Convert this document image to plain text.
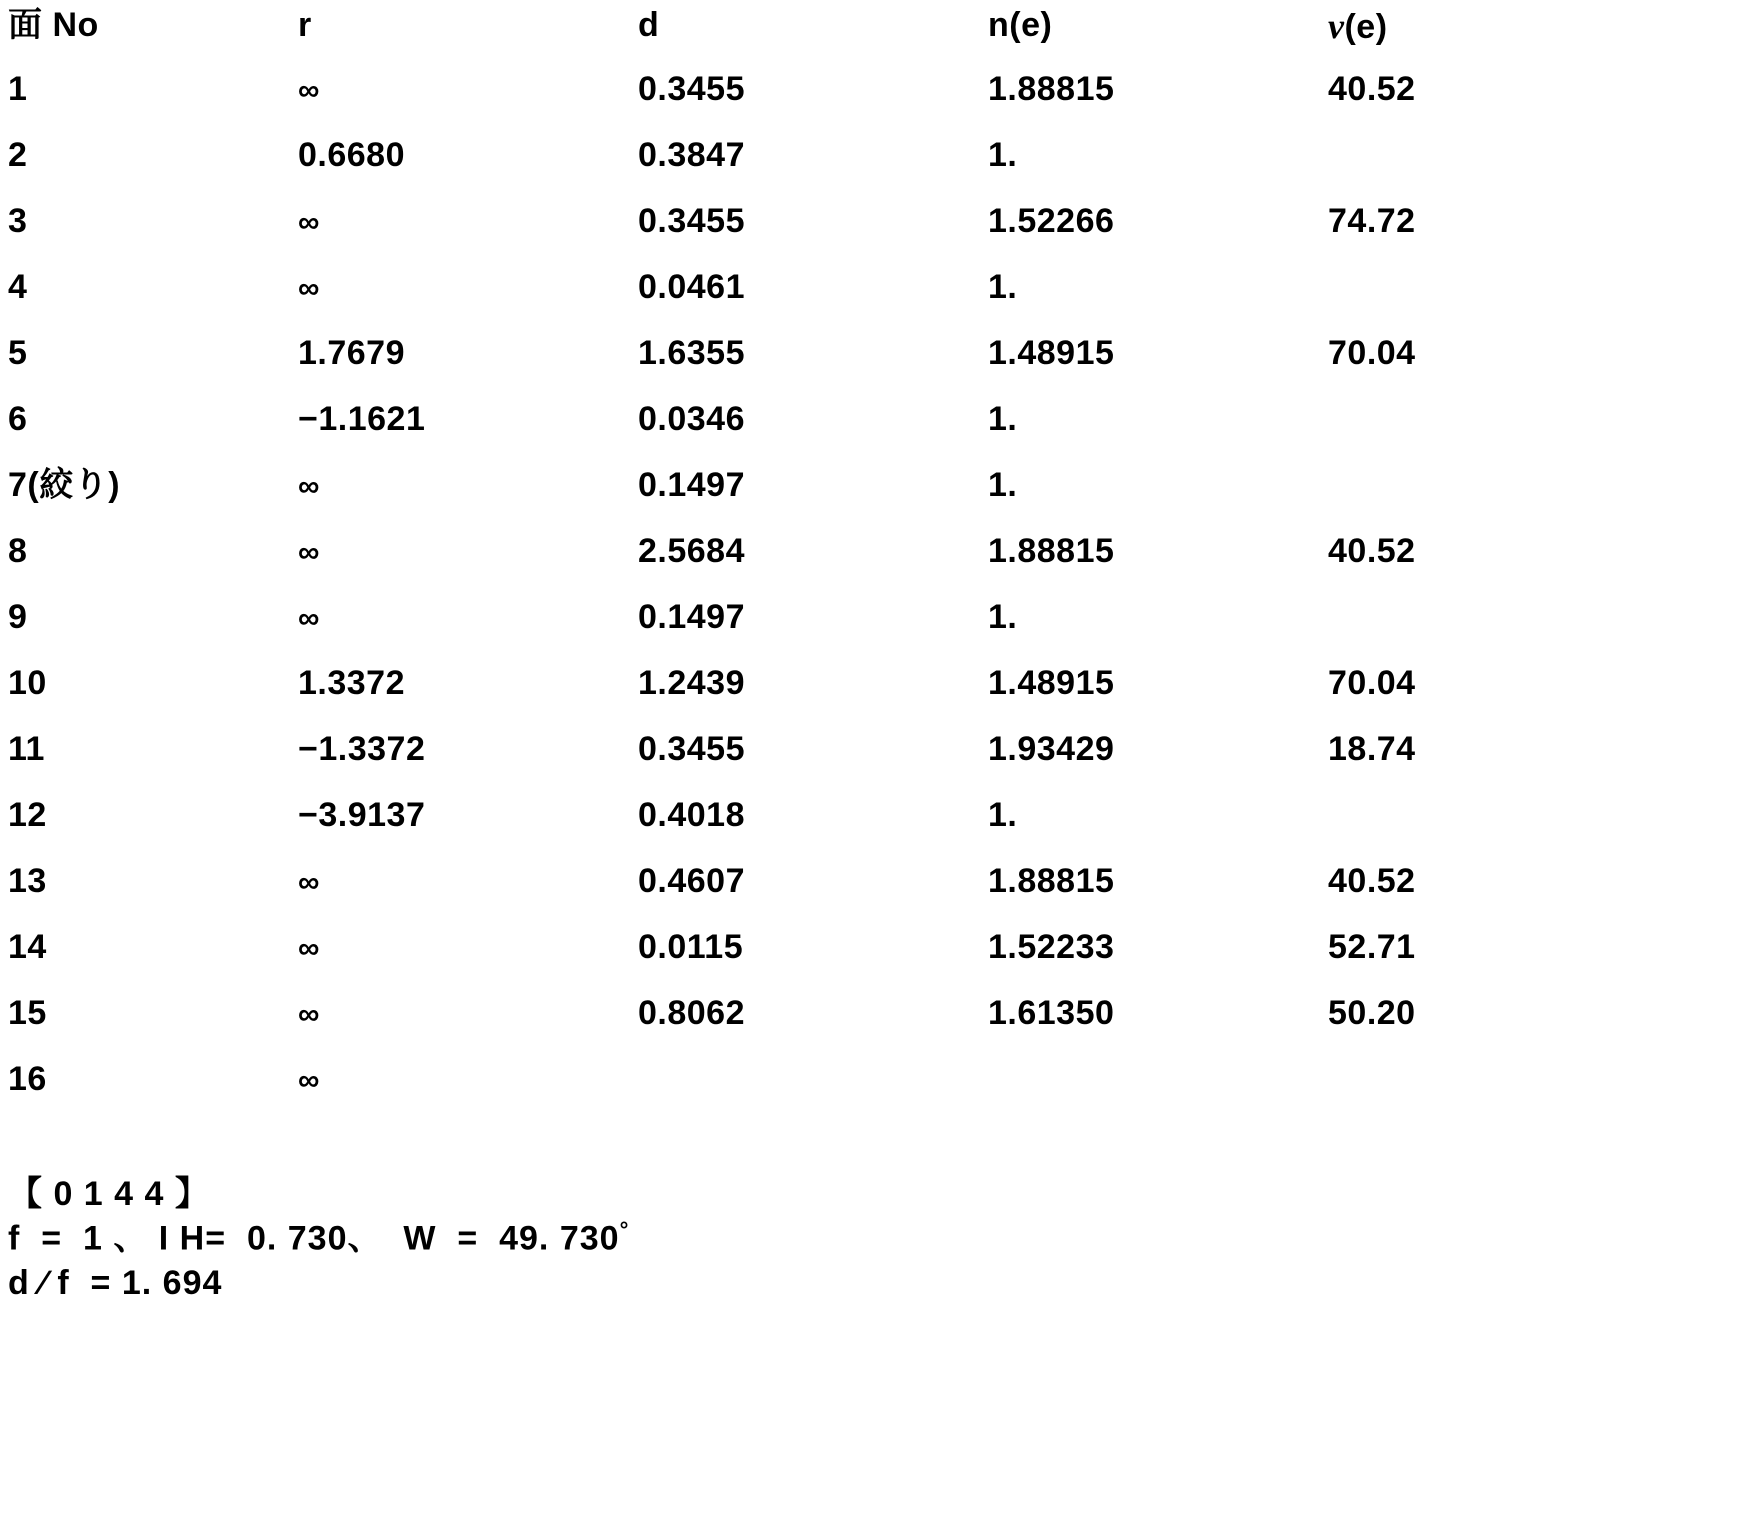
面 No	r	d	n(e)	ν(e)
1	∞	0.3455	1.88815	40.52
2	0.6680	0.3847	1.	
3	∞	0.3455	1.52266	74.72
4	∞	0.0461	1.	
5	1.7679	1.6355	1.48915	70.04
6	−1.1621	0.0346	1.	
7(絞り)	∞	0.1497	1.	
8	∞	2.5684	1.88815	40.52
9	∞	0.1497	1.	
10	1.3372	1.2439	1.48915	70.04
11	−1.3372	0.3455	1.93429	18.74
12	−3.9137	0.4018	1.	
13	∞	0.4607	1.88815	40.52
14	∞	0.0115	1.52233	52.71
15	∞	0.8062	1.61350	50.20
16	∞			
【 0 1 4 4 】
f  =  1 、 I H=  0. 730、  W  =  49. 730°
d ∕ f  = 1. 694
